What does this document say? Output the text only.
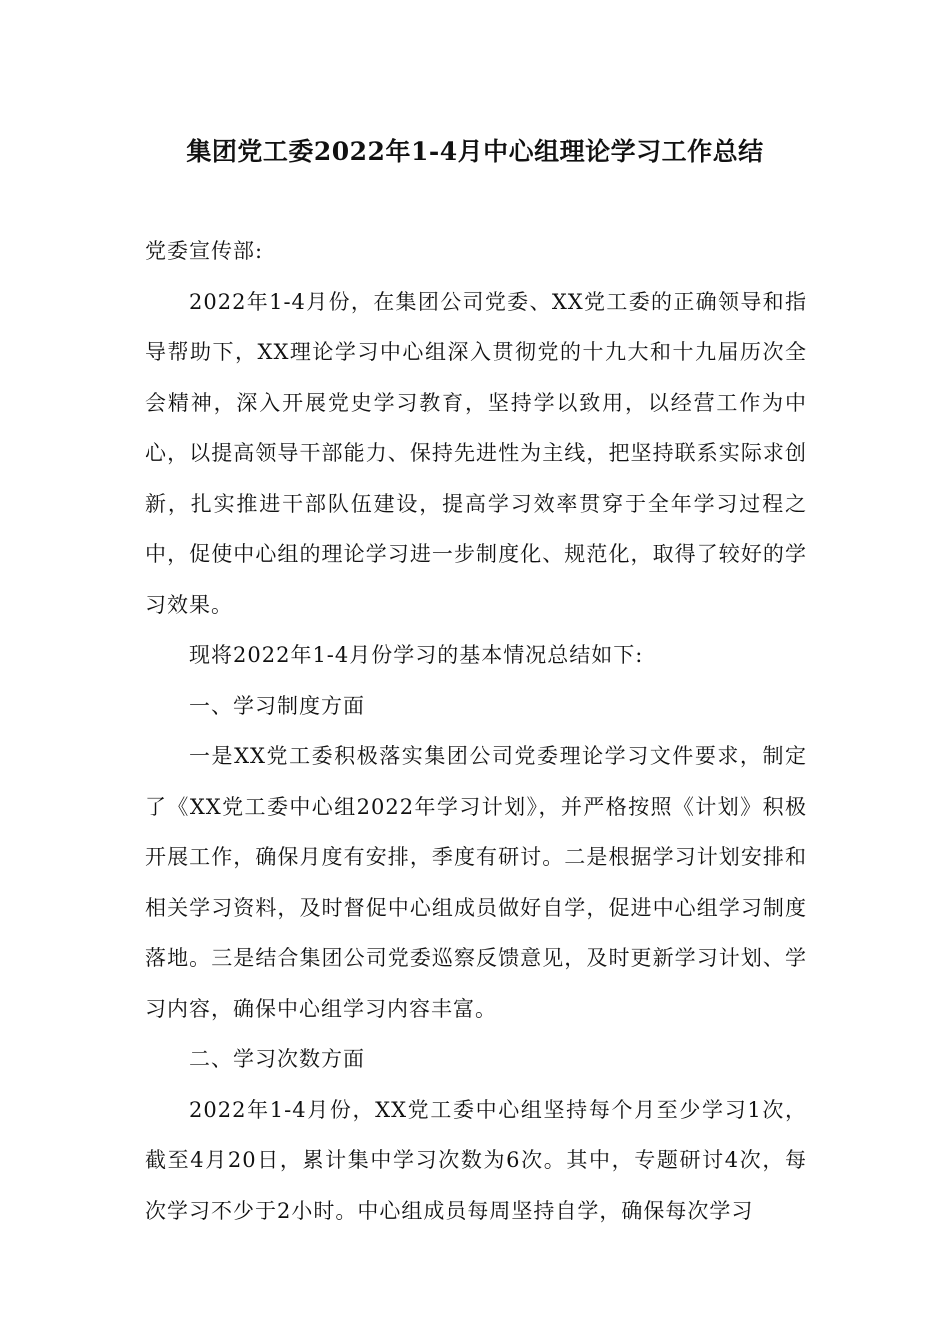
集团党工委2022年1-4月中心组理论学习工作总结

党委宣传部:

2022年1-4月份，在集团公司党委、XX党工委的正确领导和指导帮助下，XX理论学习中心组深入贯彻党的十九大和十九届历次全会精神，深入开展党史学习教育，坚持学以致用，以经营工作为中心，以提高领导干部能力、保持先进性为主线，把坚持联系实际求创新，扎实推进干部队伍建设，提高学习效率贯穿于全年学习过程之中，促使中心组的理论学习进一步制度化、规范化，取得了较好的学习效果。

现将2022年1-4月份学习的基本情况总结如下:

一、学习制度方面

一是XX党工委积极落实集团公司党委理论学习文件要求，制定了《XX党工委中心组2022年学习计划》，并严格按照《计划》积极开展工作，确保月度有安排，季度有研讨。二是根据学习计划安排和相关学习资料，及时督促中心组成员做好自学，促进中心组学习制度落地。三是结合集团公司党委巡察反馈意见，及时更新学习计划、学习内容，确保中心组学习内容丰富。

二、学习次数方面

2022年1-4月份，XX党工委中心组坚持每个月至少学习1次，截至4月20日，累计集中学习次数为6次。其中，专题研讨4次，每次学习不少于2小时。中心组成员每周坚持自学，确保每次学习
